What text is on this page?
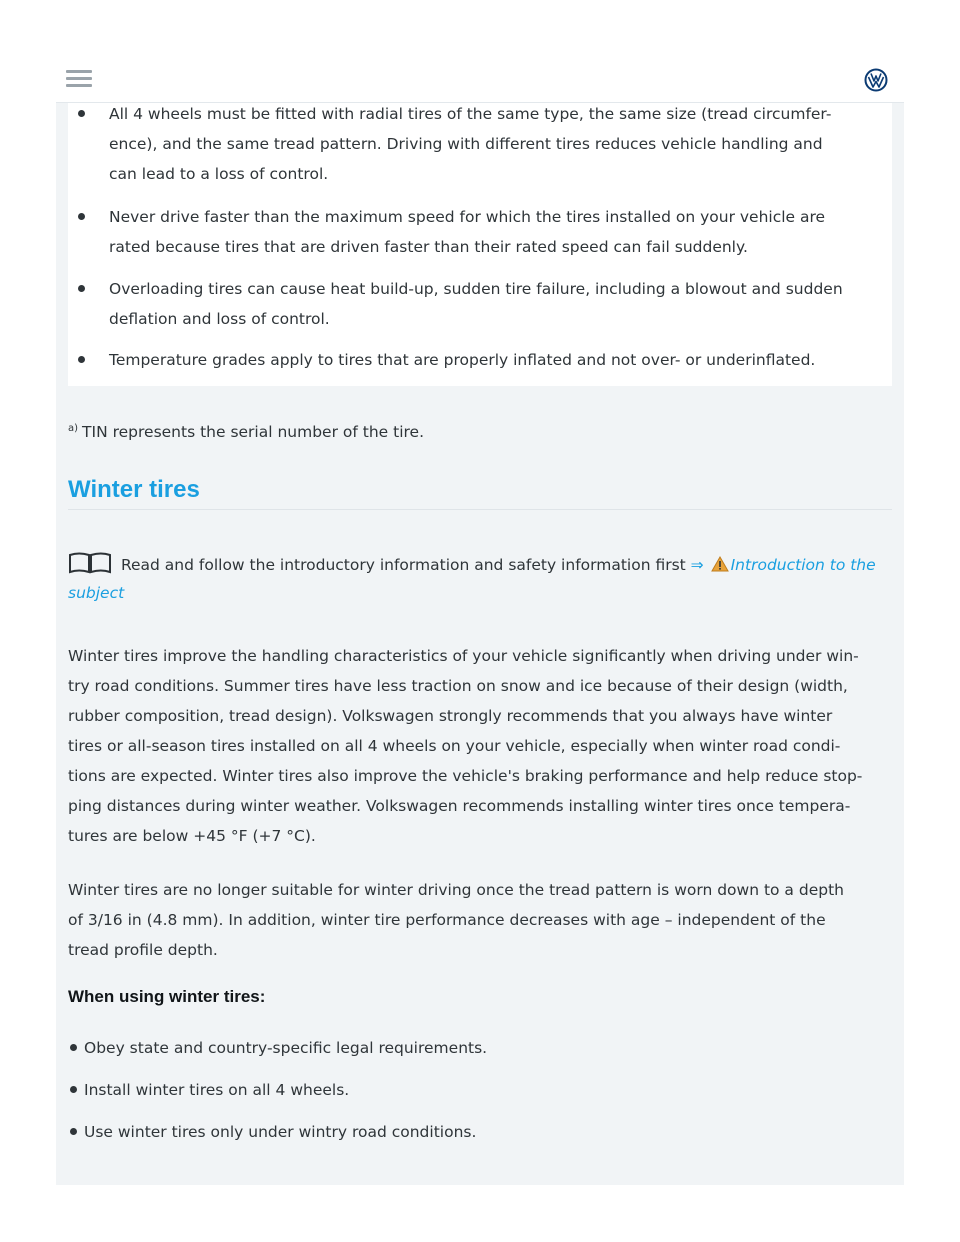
All 4 wheels must be fitted with radial tires of the same type, the same size (tread circumfer-
ence), and the same tread pattern. Driving with different tires reduces vehicle handling and
can lead to a loss of control.
Never drive faster than the maximum speed for which the tires installed on your vehicle are
rated because tires that are driven faster than their rated speed can fail suddenly.
Overloading tires can cause heat build-up, sudden tire failure, including a blowout and sudden
deflation and loss of control.
Temperature grades apply to tires that are properly inflated and not over- or underinflated.
$^{a)}$ TIN represents the serial number of the tire.
Winter tires
Read and follow the introductory information and safety information first ⇒ Introduction to the subject
Winter tires improve the handling characteristics of your vehicle significantly when driving under win-
try road conditions. Summer tires have less traction on snow and ice because of their design (width,
rubber composition, tread design). Volkswagen strongly recommends that you always have winter
tires or all-season tires installed on all 4 wheels on your vehicle, especially when winter road condi-
tions are expected. Winter tires also improve the vehicle's braking performance and help reduce stop-
ping distances during winter weather. Volkswagen recommends installing winter tires once tempera-
tures are below +45 °F (+7 °C).
Winter tires are no longer suitable for winter driving once the tread pattern is worn down to a depth
of 3/16 in (4.8 mm). In addition, winter tire performance decreases with age – independent of the
tread profile depth.
When using winter tires:
Obey state and country-specific legal requirements.
Install winter tires on all 4 wheels.
Use winter tires only under wintry road conditions.
